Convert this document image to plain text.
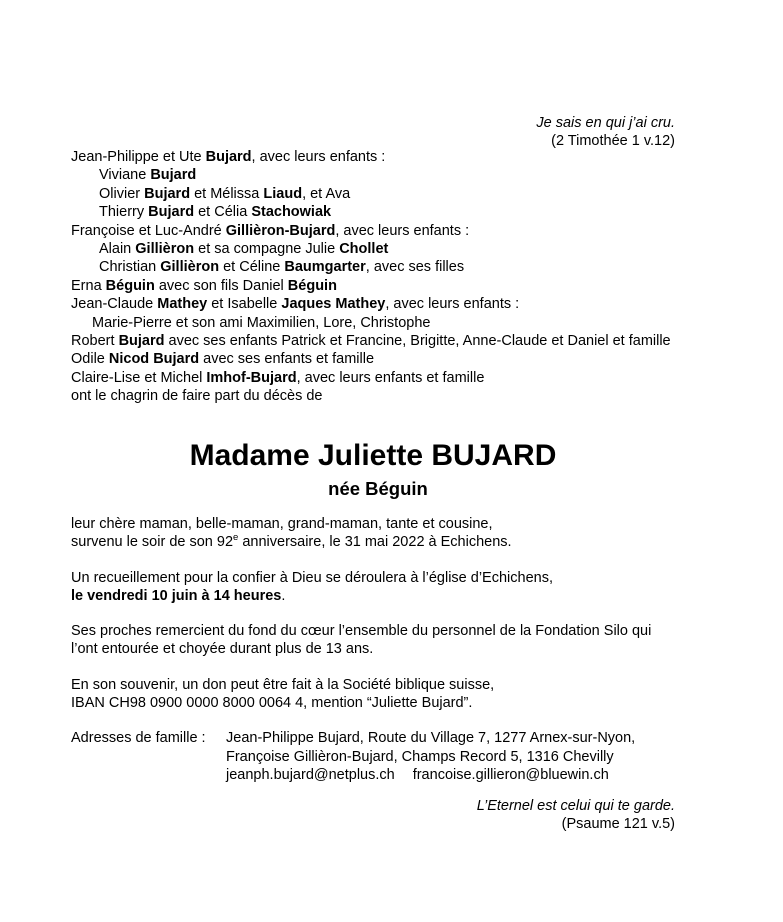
Je sais en qui j’ai cru.
(2 Timothée 1 v.12)
Jean-Philippe et Ute Bujard, avec leurs enfants :
Viviane Bujard
Olivier Bujard et Mélissa Liaud, et Ava
Thierry Bujard et Célia Stachowiak
Françoise et Luc-André Gillièron-Bujard, avec leurs enfants :
Alain Gillièron et sa compagne Julie Chollet
Christian Gillièron et Céline Baumgarter, avec ses filles
Erna Béguin avec son fils Daniel Béguin
Jean-Claude Mathey et Isabelle Jaques Mathey, avec leurs enfants :
Marie-Pierre et son ami Maximilien, Lore, Christophe
Robert Bujard avec ses enfants Patrick et Francine, Brigitte, Anne-Claude et Daniel et famille
Odile Nicod Bujard avec ses enfants et famille
Claire-Lise et Michel Imhof-Bujard, avec leurs enfants et famille
ont le chagrin de faire part du décès de
Madame Juliette BUJARD
née Béguin
leur chère maman, belle-maman, grand-maman, tante et cousine,
survenu le soir de son 92e anniversaire, le 31 mai 2022 à Echichens.
Un recueillement pour la confier à Dieu se déroulera à l’église d’Echichens,
le vendredi 10 juin à 14 heures.
Ses proches remercient du fond du cœur l’ensemble du personnel de la Fondation Silo qui l’ont entourée et choyée durant plus de 13 ans.
En son souvenir, un don peut être fait à la Société biblique suisse,
IBAN CH98 0900 0000 8000 0064 4, mention “Juliette Bujard”.
Adresses de famille : Jean-Philippe Bujard, Route du Village 7, 1277 Arnex-sur-Nyon,
Françoise Gillièron-Bujard, Champs Record 5, 1316 Chevilly
jeanph.bujard@netplus.ch francoise.gillieron@bluewin.ch
L’Eternel est celui qui te garde.
(Psaume 121 v.5)
